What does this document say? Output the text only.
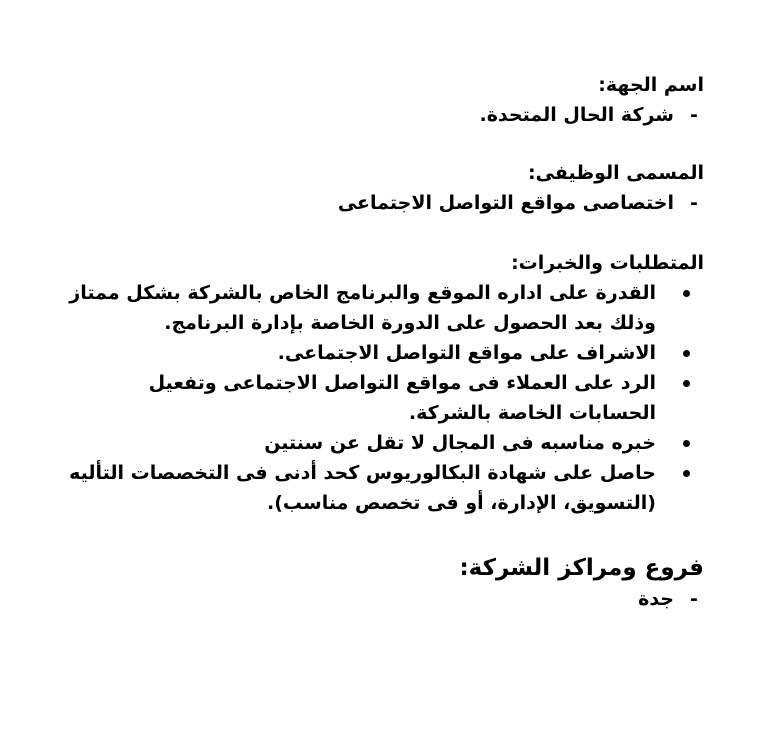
اسم الجهة:
-
شركة الحال المتحدة.
المسمى الوظيفى:
-
اختصاصى مواقع التواصل الاجتماعى
المتطلبات والخبرات:
القدرة على اداره الموقع والبرنامج الخاص بالشركة بشكل ممتاز وذلك بعد الحصول على الدورة الخاصة بإدارة البرنامج.
الاشراف على مواقع التواصل الاجتماعى.
الرد على العملاء فى مواقع التواصل الاجتماعى وتفعيل الحسابات الخاصة بالشركة.
خبره مناسبه فى المجال لا تقل عن سنتين
حاصل على شهادة البكالوريوس كحد أدنى فى التخصصات التأليه (التسويق، الإدارة، أو فى تخصص مناسب).
فروع ومراكز الشركة:
-
جدة
